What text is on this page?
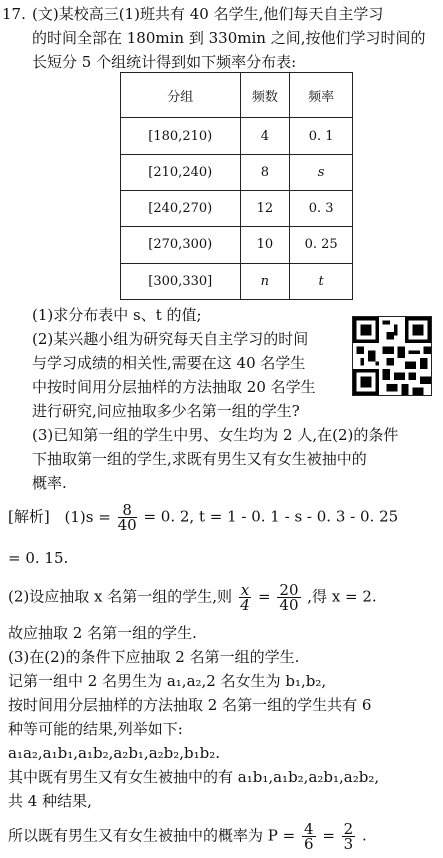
17. (文)某校高三(1)班共有 40 名学生,他们每天自主学习
的时间全部在 180min 到 330min 之间,按他们学习时间的
长短分 5 个组统计得到如下频率分布表:
分组	频数	频率
[180,210)	4	0. 1
[210,240)	8	s
[240,270)	12	0. 3
[270,300)	10	0. 25
[300,330]	n	t
(1)求分布表中 s、t 的值;
(2)某兴趣小组为研究每天自主学习的时间
与学习成绩的相关性,需要在这 40 名学生
中按时间用分层抽样的方法抽取 20 名学生
进行研究,问应抽取多少名第一组的学生?
(3)已知第一组的学生中男、女生均为 2 人,在(2)的条件
下抽取第一组的学生,求既有男生又有女生被抽中的
概率.
[解析] $(1)s = \frac{8}{40} = 0$. 2, t = 1 - 0. 1 - s - 0. 3 - 0. 25
= 0. 15.
(2)设应抽取 x 名第一组的学生,则 $\frac{x}{4} = \frac{20}{40}$ ,得 x = 2.
故应抽取 2 名第一组的学生.
(3)在(2)的条件下应抽取 2 名第一组的学生.
记第一组中 2 名男生为 a₁,a₂,2 名女生为 b₁,b₂,
按时间用分层抽样的方法抽取 2 名第一组的学生共有 6
种等可能的结果,列举如下:
a₁a₂,a₁b₁,a₁b₂,a₂b₁,a₂b₂,b₁b₂.
其中既有男生又有女生被抽中的有 a₁b₁,a₁b₂,a₂b₁,a₂b₂,
共 4 种结果,
所以既有男生又有女生被抽中的概率为 $P = \frac{4}{6} = \frac{2}{3}$ .
